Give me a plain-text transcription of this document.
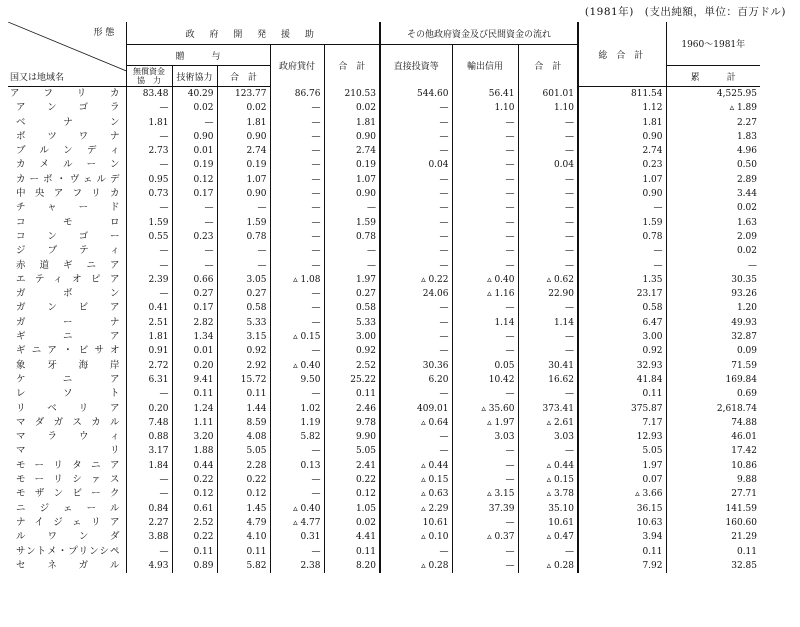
(1981年)　(支出純額，単位：百万ドル)
形態
国又は地域名	政 府 開 発 援 助					その他政府資金及び民間資金の流れ			総 合 計	1960～1981年
	贈　　　与			政府貸付	合　計	直接投資等	輸出信用	合　計		

	無償資金協　力	技術協力	合　計							累　　　計
アフリカ	83.48	40.29	123.77	86.76	210.53	544.60	56.41	601.01	811.54	4,525.95
アンゴラ	—	0.02	0.02	—	0.02	—	1.10	1.10	1.12	▵ 1.89
ベナン	1.81	—	1.81	—	1.81	—	—	—	1.81	2.27
ボツワナ	—	0.90	0.90	—	0.90	—	—	—	0.90	1.83
ブルンディ	2.73	0.01	2.74	—	2.74	—	—	—	2.74	4.96
カメルーン	—	0.19	0.19	—	0.19	0.04	—	0.04	0.23	0.50
カーボ・ヴェルデ	0.95	0.12	1.07	—	1.07	—	—	—	1.07	2.89
中央アフリカ	0.73	0.17	0.90	—	0.90	—	—	—	0.90	3.44
チャード	—	—	—	—	—	—	—	—	—	0.02
コモロ	1.59	—	1.59	—	1.59	—	—	—	1.59	1.63
コンゴー	0.55	0.23	0.78	—	0.78	—	—	—	0.78	2.09
ジブティ	—	—	—	—	—	—	—	—	—	0.02
赤道ギニア	—	—	—	—	—	—	—	—	—	—
エティオピア	2.39	0.66	3.05	▵ 1.08	1.97	▵ 0.22	▵ 0.40	▵ 0.62	1.35	30.35
ガボン	—	0.27	0.27	—	0.27	24.06	▵ 1.16	22.90	23.17	93.26
ガンビア	0.41	0.17	0.58	—	0.58	—	—	—	0.58	1.20
ガーナ	2.51	2.82	5.33	—	5.33	—	1.14	1.14	6.47	49.93
ギニア	1.81	1.34	3.15	▵ 0.15	3.00	—	—	—	3.00	32.87
ギニア・ビサオ	0.91	0.01	0.92	—	0.92	—	—	—	0.92	0.09
象牙海岸	2.72	0.20	2.92	▵ 0.40	2.52	30.36	0.05	30.41	32.93	71.59
ケニア	6.31	9.41	15.72	9.50	25.22	6.20	10.42	16.62	41.84	169.84
レソト	—	0.11	0.11	—	0.11	—	—	—	0.11	0.69
リベリア	0.20	1.24	1.44	1.02	2.46	409.01	▵ 35.60	373.41	375.87	2,618.74
マダガスカル	7.48	1.11	8.59	1.19	9.78	▵ 0.64	▵ 1.97	▵ 2.61	7.17	74.88
マラウィ	0.88	3.20	4.08	5.82	9.90	—	3.03	3.03	12.93	46.01
マリ	3.17	1.88	5.05	—	5.05	—	—	—	5.05	17.42
モーリタニア	1.84	0.44	2.28	0.13	2.41	▵ 0.44	—	▵ 0.44	1.97	10.86
モーリシァス	—	0.22	0.22	—	0.22	▵ 0.15	—	▵ 0.15	0.07	9.88
モザンビーク	—	0.12	0.12	—	0.12	▵ 0.63	▵ 3.15	▵ 3.78	▵ 3.66	27.71
ニジェール	0.84	0.61	1.45	▵ 0.40	1.05	▵ 2.29	37.39	35.10	36.15	141.59
ナイジェリア	2.27	2.52	4.79	▵ 4.77	0.02	10.61	—	10.61	10.63	160.60
ルワンダ	3.88	0.22	4.10	0.31	4.41	▵ 0.10	▵ 0.37	▵ 0.47	3.94	21.29
サントメ・プリンシペ	—	0.11	0.11	—	0.11	—	—	—	0.11	0.11
セネガル	4.93	0.89	5.82	2.38	8.20	▵ 0.28	—	▵ 0.28	7.92	32.85
